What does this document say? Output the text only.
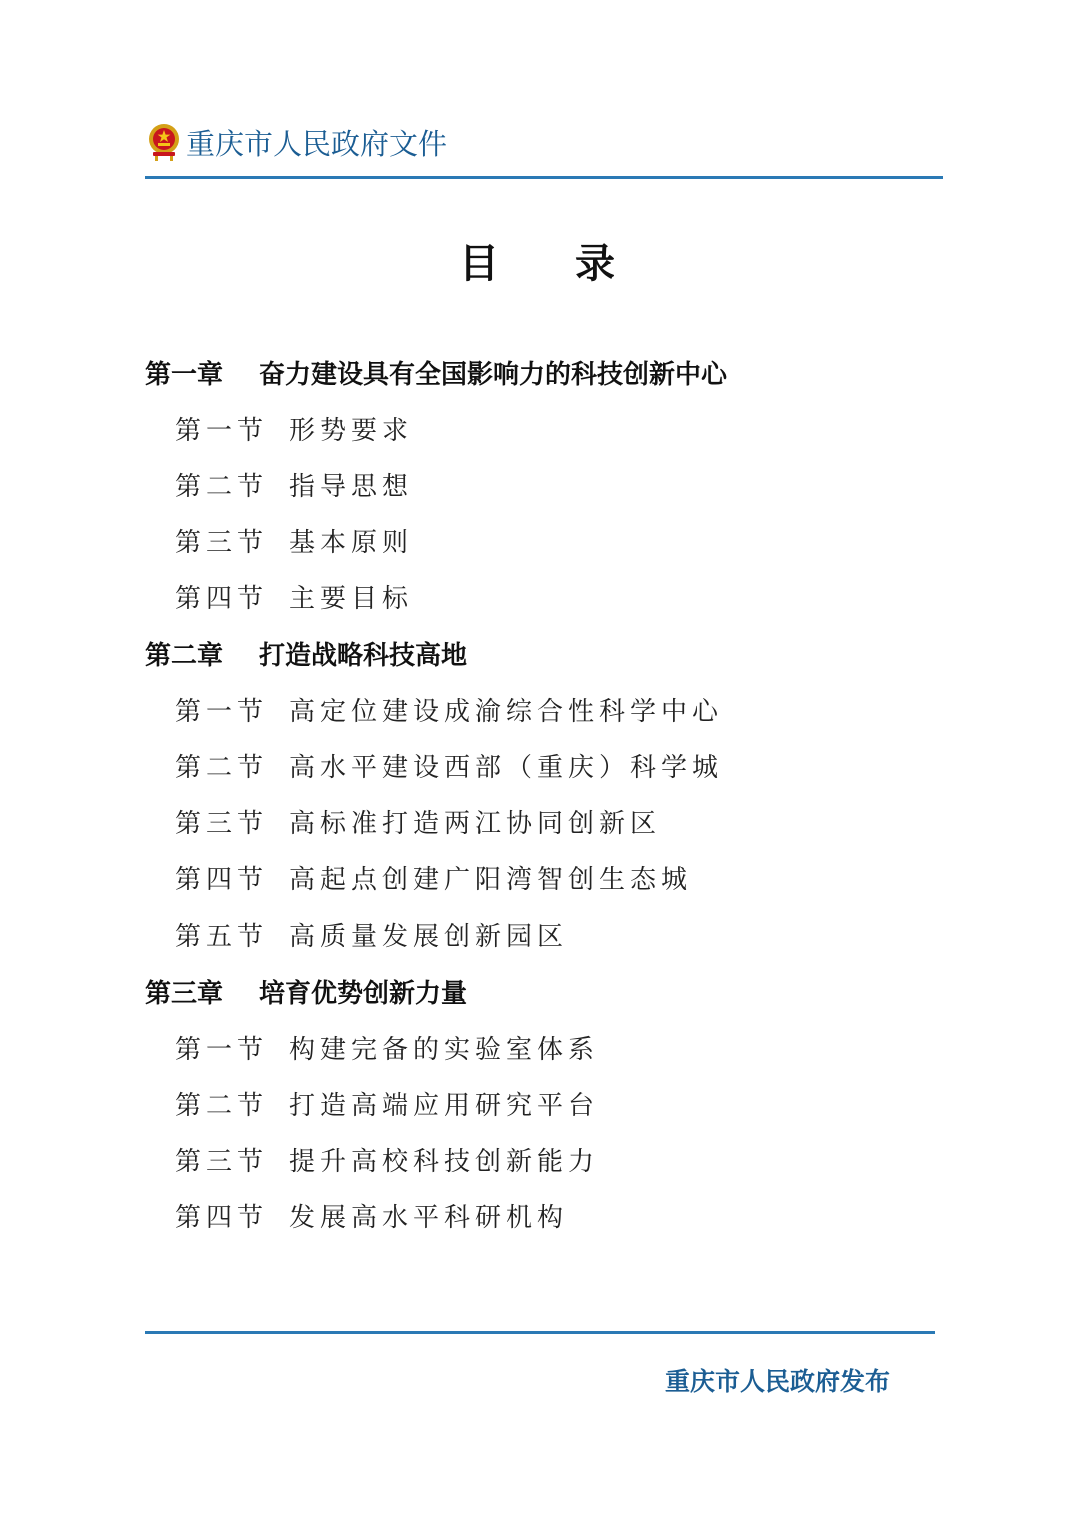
重庆市人民政府文件
目 录
第一章 奋力建设具有全国影响力的科技创新中心
第一节 形势要求
第二节 指导思想
第三节 基本原则
第四节 主要目标
第二章 打造战略科技高地
第一节 高定位建设成渝综合性科学中心
第二节 高水平建设西部（重庆）科学城
第三节 高标准打造两江协同创新区
第四节 高起点创建广阳湾智创生态城
第五节 高质量发展创新园区
第三章 培育优势创新力量
第一节 构建完备的实验室体系
第二节 打造高端应用研究平台
第三节 提升高校科技创新能力
第四节 发展高水平科研机构
重庆市人民政府发布
